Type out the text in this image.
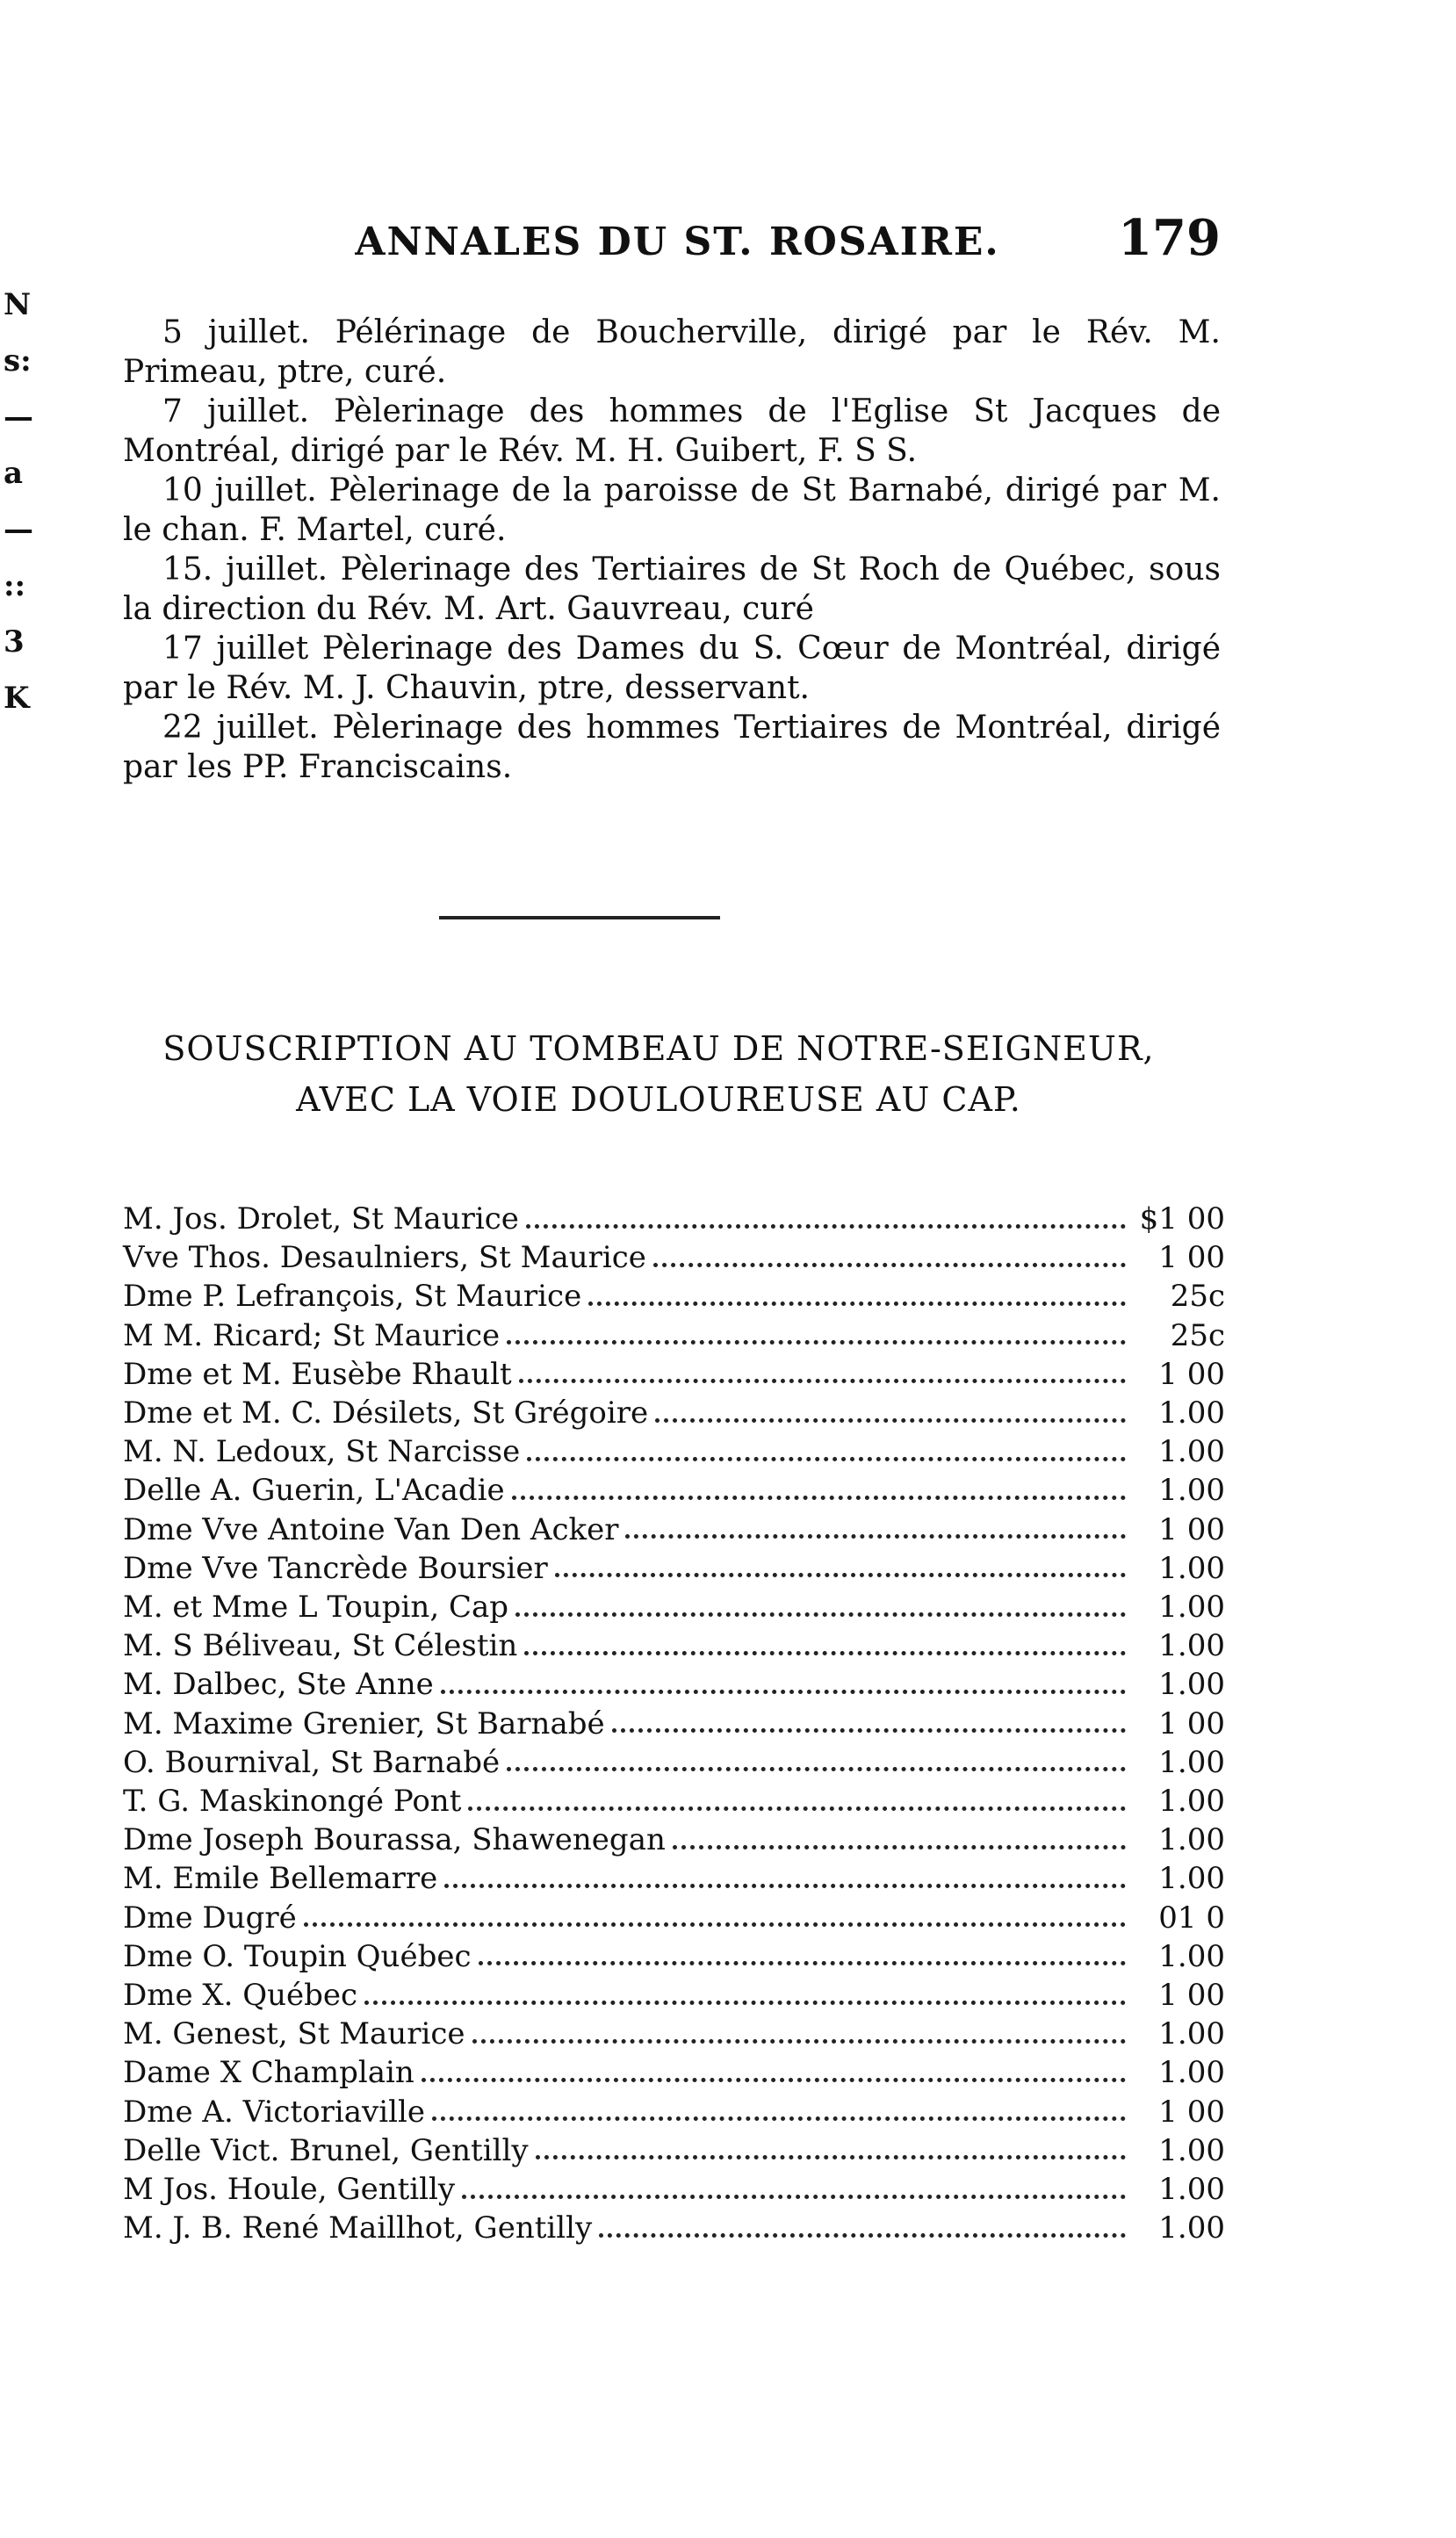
ANNALES DU ST. ROSAIRE.	179
N
s:
—
a
—
::
3
K

5 juillet. Pélérinage de Boucherville, dirigé par le Rév. M. Primeau, ptre, curé.

7 juillet. Pèlerinage des hommes de l'Eglise St Jacques de Montréal, dirigé par le Rév. M. H. Guibert, F. S S.

10 juillet. Pèlerinage de la paroisse de St Barnabé, dirigé par M. le chan. F. Martel, curé.

15. juillet. Pèlerinage des Tertiaires de St Roch de Québec, sous la direction du Rév. M. Art. Gauvreau, curé

17 juillet Pèlerinage des Dames du S. Cœur de Montréal, dirigé par le Rév. M. J. Chauvin, ptre, desservant.

22 juillet. Pèlerinage des hommes Tertiaires de Montréal, dirigé par les PP. Franciscains.

SOUSCRIPTION AU TOMBEAU DE NOTRE-SEIGNEUR,
AVEC LA VOIE DOULOUREUSE AU CAP.
M. Jos. Drolet, St Maurice	$1 00
Vve Thos. Desaulniers, St Maurice	1 00
Dme P. Lefrançois, St Maurice	25c
M M. Ricard; St Maurice	25c
Dme et M. Eusèbe Rhault	1 00
Dme et M. C. Désilets, St Grégoire	1.00
M. N. Ledoux, St Narcisse	1.00
Delle A. Guerin, L'Acadie	1.00
Dme Vve Antoine Van Den Acker	1 00
Dme Vve Tancrède Boursier	1.00
M. et Mme L Toupin, Cap	1.00
M. S Béliveau, St Célestin	1.00
M. Dalbec, Ste Anne	1.00
M. Maxime Grenier, St Barnabé	1 00
O. Bournival, St Barnabé	1.00
T. G. Maskinongé Pont	1.00
Dme Joseph Bourassa, Shawenegan	1.00
M. Emile Bellemarre	1.00
Dme Dugré	01 0
Dme O. Toupin Québec	1.00
Dme X. Québec	1 00
M. Genest, St Maurice	1.00
Dame X Champlain	1.00
Dme A. Victoriaville	1 00
Delle Vict. Brunel, Gentilly	1.00
M Jos. Houle, Gentilly	1.00
M. J. B. René Maillhot, Gentilly	1.00
